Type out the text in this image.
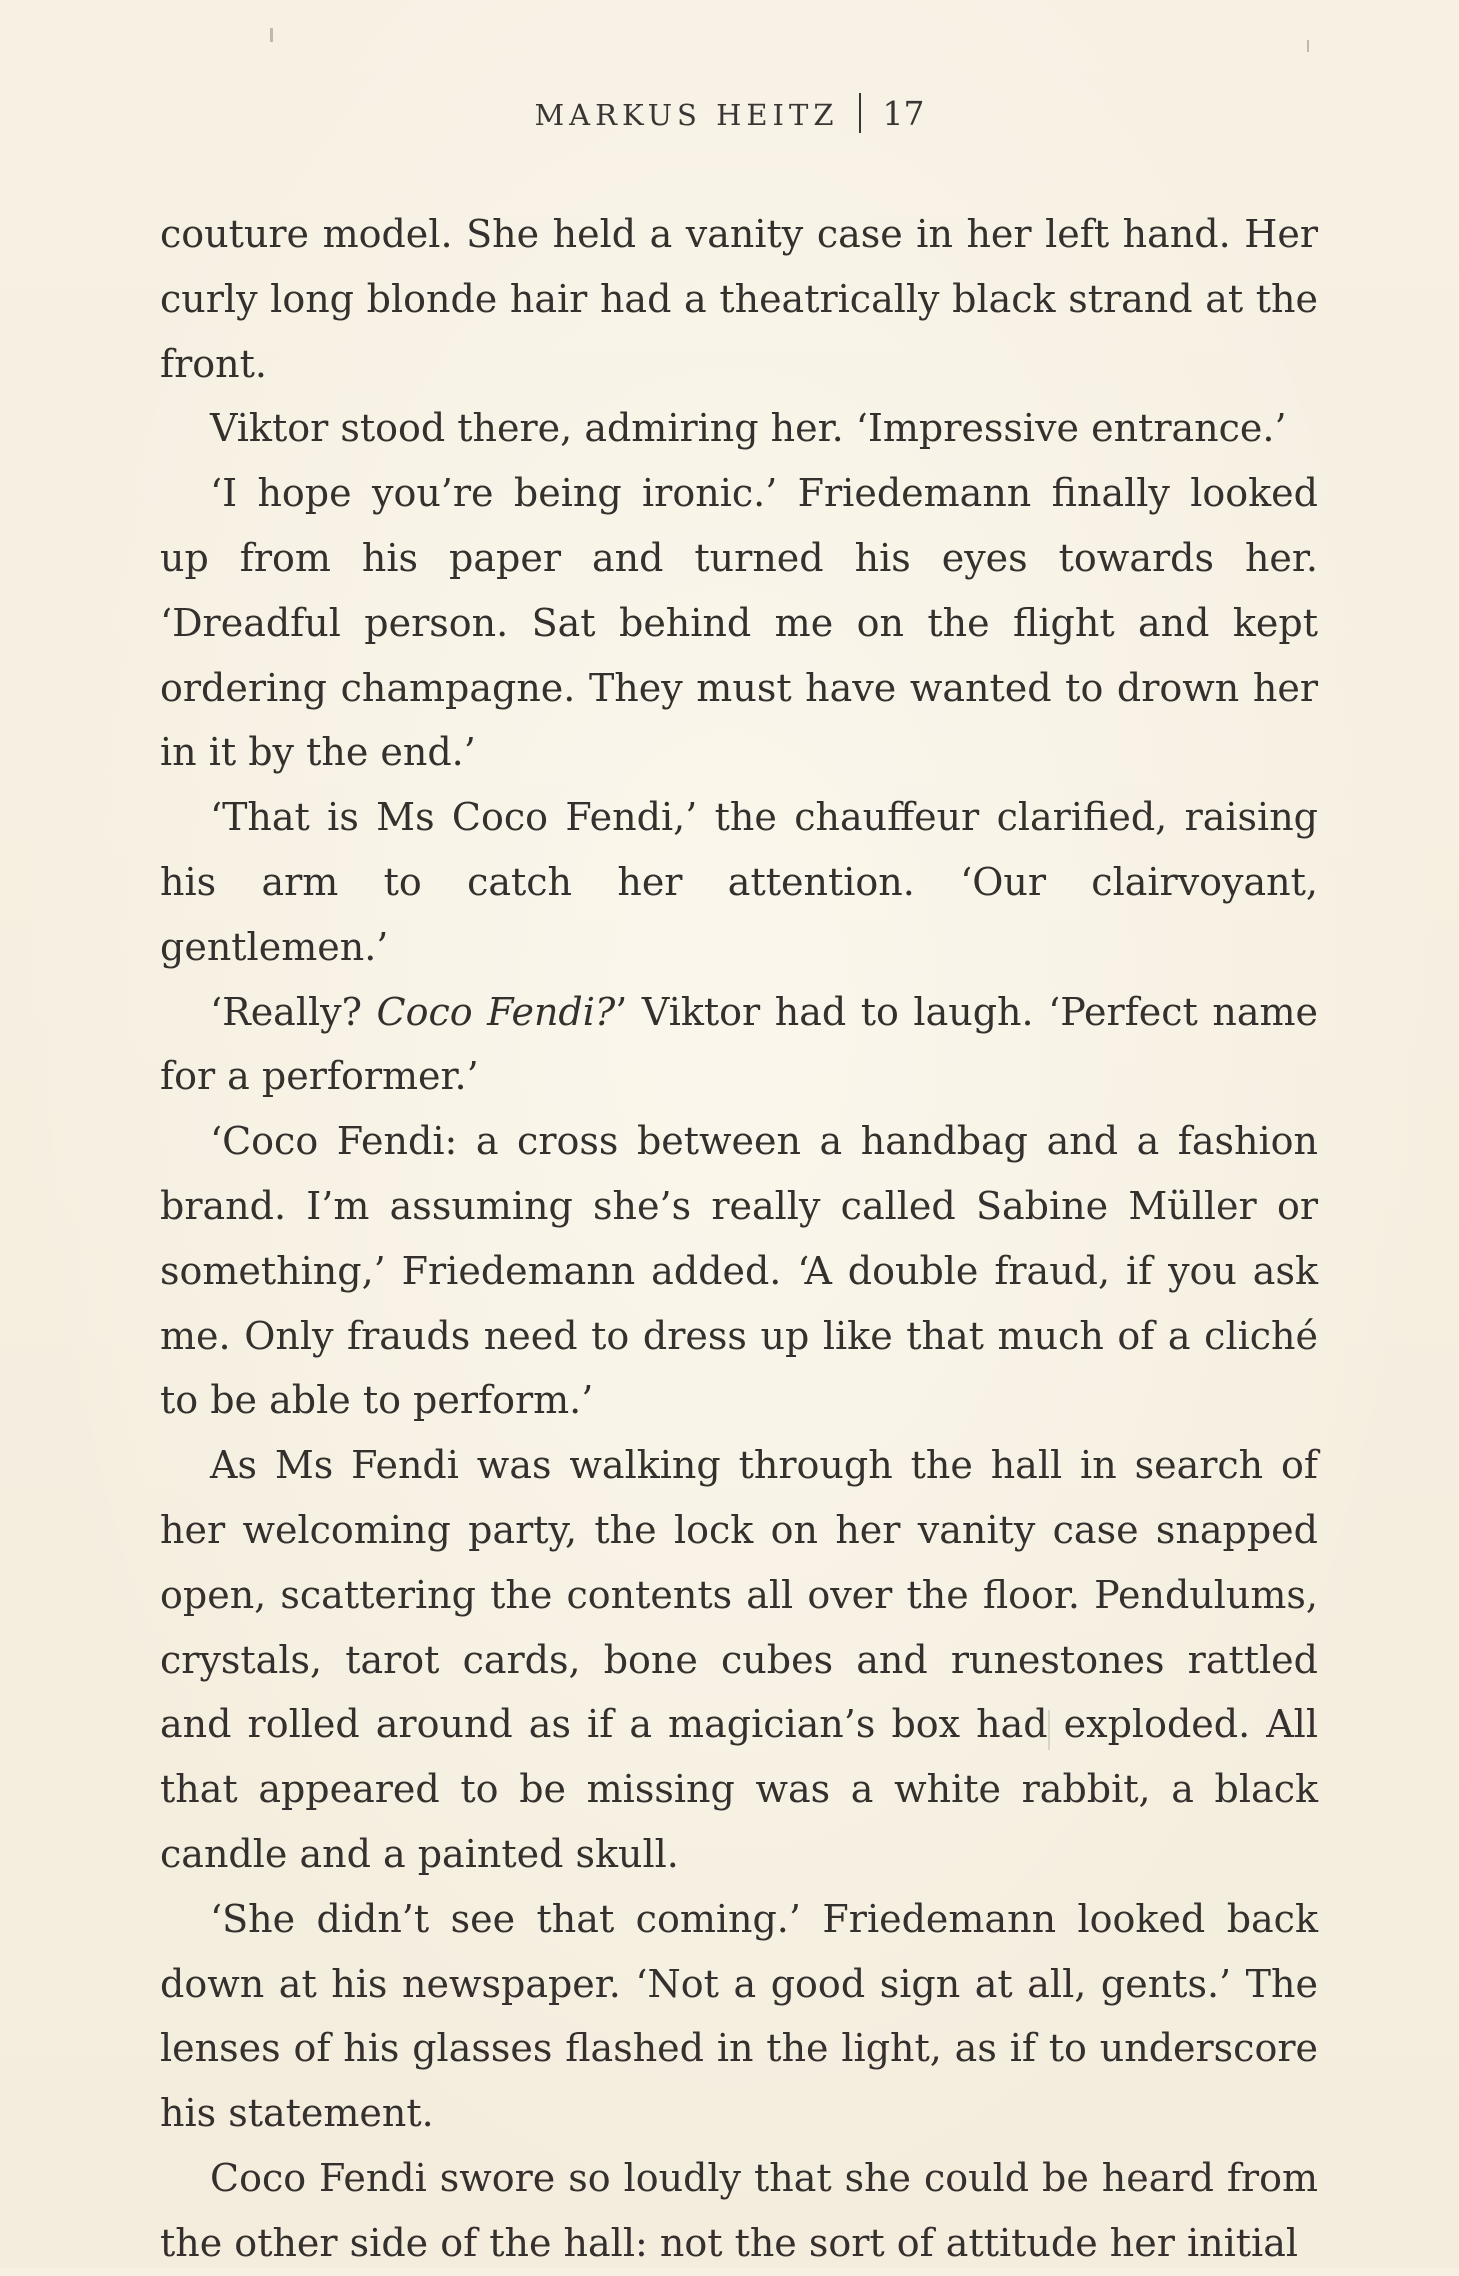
MARKUS HEITZ 17

couture model. She held a vanity case in her left hand. Her curly long blonde hair had a theatrically black strand at the front.

Viktor stood there, admiring her. ‘Impressive entrance.’

‘I hope you’re being ironic.’ Friedemann finally looked up from his paper and turned his eyes towards her. ‘Dreadful person. Sat behind me on the flight and kept ordering champagne. They must have wanted to drown her in it by the end.’

‘That is Ms Coco Fendi,’ the chauffeur clarified, raising his arm to catch her attention. ‘Our clairvoyant, gentlemen.’

‘Really? Coco Fendi?’ Viktor had to laugh. ‘Perfect name for a performer.’

‘Coco Fendi: a cross between a handbag and a fashion brand. I’m assuming she’s really called Sabine Müller or something,’ Friedemann added. ‘A double fraud, if you ask me. Only frauds need to dress up like that much of a cliché to be able to perform.’

As Ms Fendi was walking through the hall in search of her welcoming party, the lock on her vanity case snapped open, scattering the contents all over the floor. Pendulums, crystals, tarot cards, bone cubes and runestones rattled and rolled around as if a magician’s box had exploded. All that appeared to be missing was a white rabbit, a black candle and a painted skull.

‘She didn’t see that coming.’ Friedemann looked back down at his newspaper. ‘Not a good sign at all, gents.’ The lenses of his glasses flashed in the light, as if to underscore his statement.

Coco Fendi swore so loudly that she could be heard from the other side of the hall: not the sort of attitude her initial
